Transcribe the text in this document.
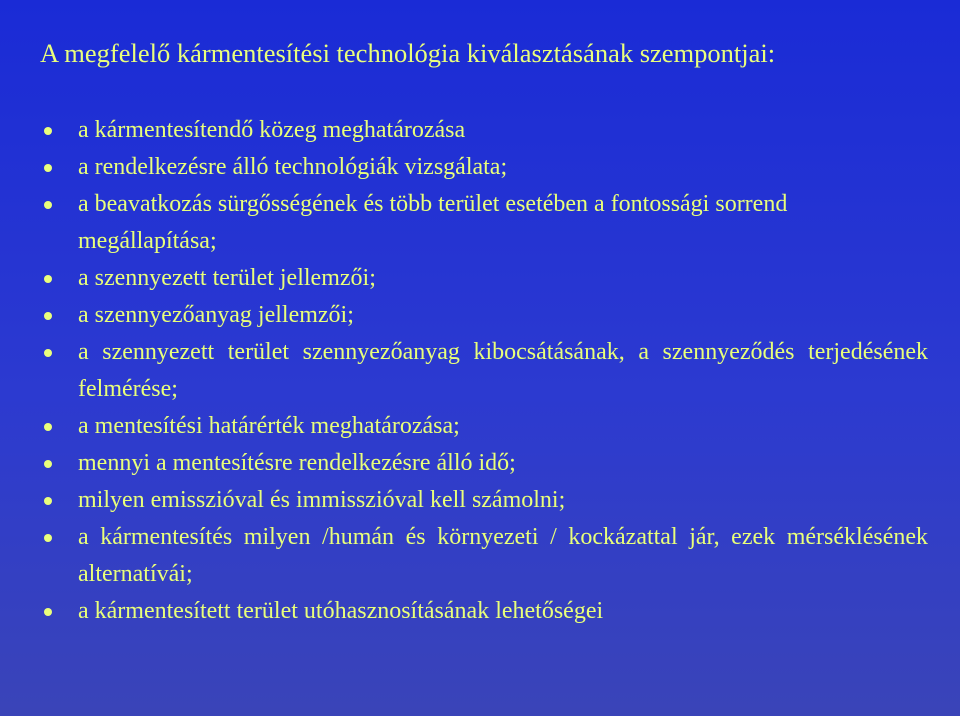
A megfelelő kármentesítési technológia kiválasztásának szempontjai:
a kármentesítendő közeg meghatározása
a rendelkezésre álló technológiák vizsgálata;
a beavatkozás sürgősségének és több terület esetében a fontossági sorrend megállapítása;
a szennyezett terület jellemzői;
a szennyezőanyag jellemzői;
a szennyezett terület szennyezőanyag kibocsátásának, a szennyeződés terjedésének felmérése;
a mentesítési határérték meghatározása;
mennyi a mentesítésre rendelkezésre álló idő;
milyen emisszióval és immisszióval kell számolni;
a kármentesítés milyen /humán és környezeti / kockázattal jár, ezek mérséklésének alternatívái;
a kármentesített terület utóhasznosításának lehetőségei
